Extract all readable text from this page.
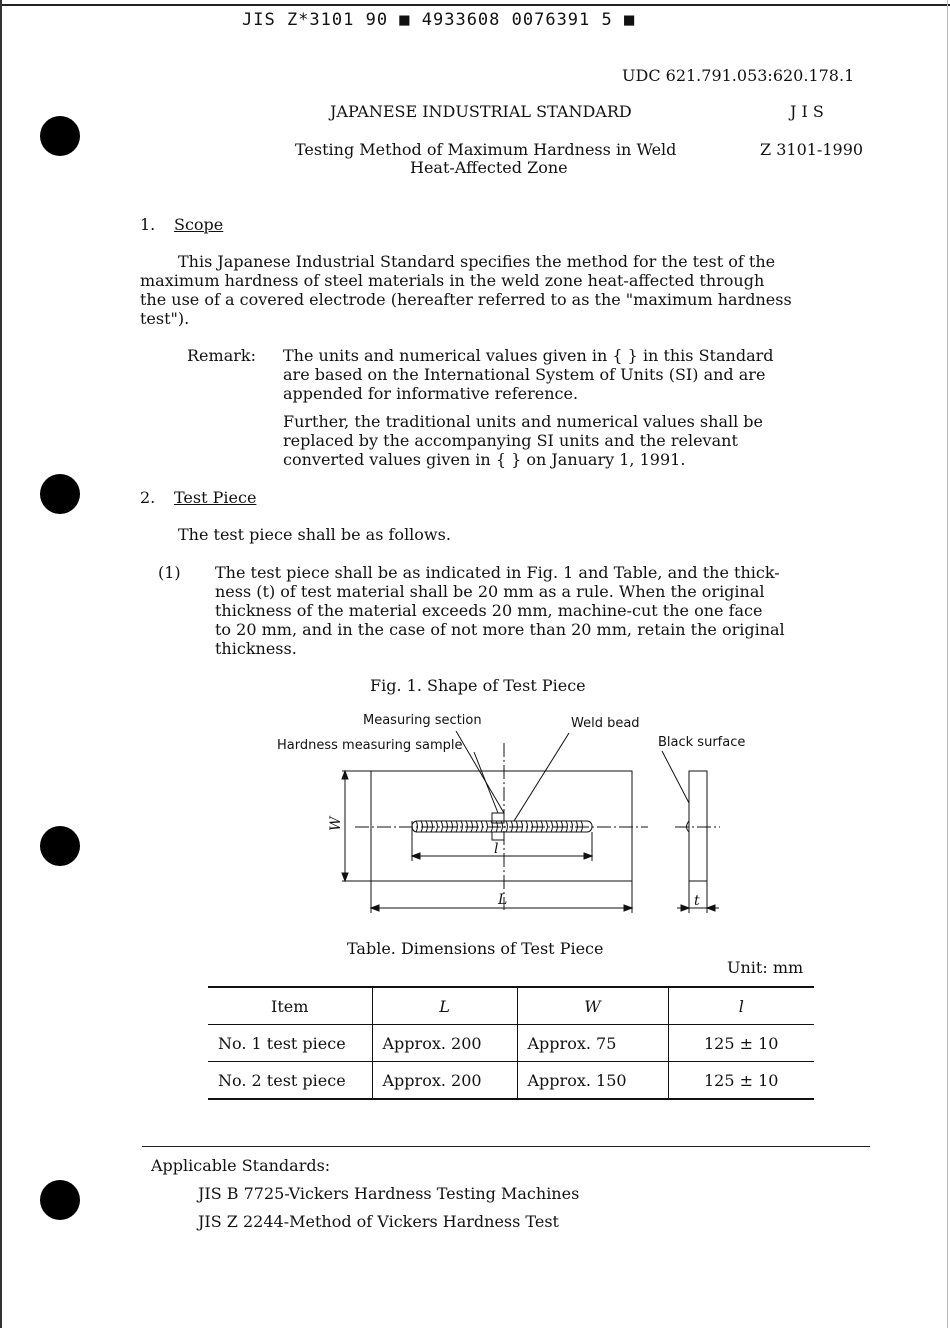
JIS Z*3101 90 ■ 4933608 0076391 5 ■
UDC 621.791.053:620.178.1
JAPANESE INDUSTRIAL STANDARD	J I S
Testing Method of Maximum Hardness in Weld
Heat-Affected Zone
Z 3101-1990
1. Scope
This Japanese Industrial Standard specifies the method for the test of the
maximum hardness of steel materials in the weld zone heat-affected through
the use of a covered electrode (hereafter referred to as the "maximum hardness
test").
Remark: The units and numerical values given in { } in this Standard
are based on the International System of Units (SI) and are
appended for informative reference.
Further, the traditional units and numerical values shall be
replaced by the accompanying SI units and the relevant
converted values given in { } on January 1, 1991.
2. Test Piece
The test piece shall be as follows.
(1) The test piece shall be as indicated in Fig. 1 and Table, and the thick-
ness (t) of test material shall be 20 mm as a rule. When the original
thickness of the material exceeds 20 mm, machine-cut the one face
to 20 mm, and in the case of not more than 20 mm, retain the original
thickness.
Fig. 1. Shape of Test Piece
Measuring section	Weld bead
Hardness measuring sample	Black surface
W
l
L	t
Table. Dimensions of Test Piece
Unit: mm
Item	L	W	l
No. 1 test piece	Approx. 200	Approx. 75	125 ± 10
No. 2 test piece	Approx. 200	Approx. 150	125 ± 10
Applicable Standards:
JIS B 7725-Vickers Hardness Testing Machines
JIS Z 2244-Method of Vickers Hardness Test
